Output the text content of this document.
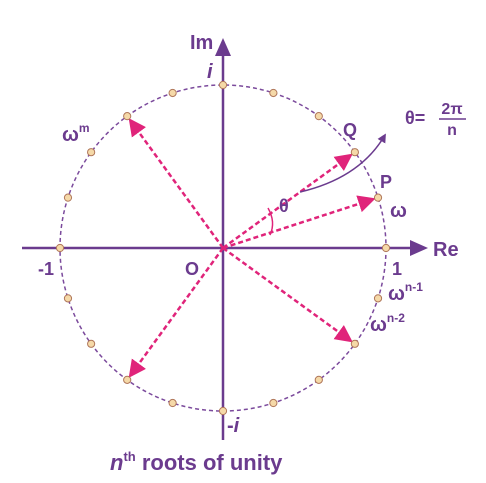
Im
Re
O	1
-1
i
-i
Q
P
ω
$\omega^m$
$\omega^{n-1}$
$\omega^{n-2}$
θ
θ= 2π
n
$n^{th}$ roots of unity
